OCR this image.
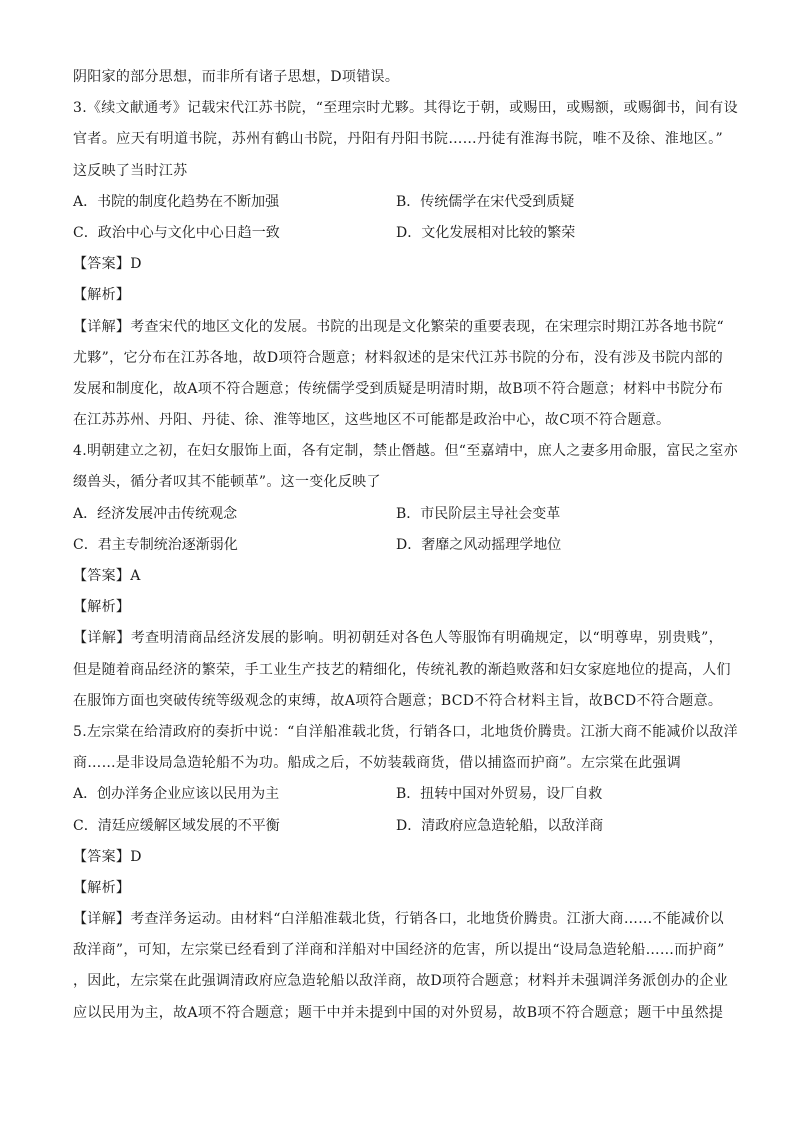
阴阳家的部分思想，而非所有诸子思想，D项错误。
3.《续文献通考》记载宋代江苏书院，“至理宗时尤夥。其得讫于朝，或赐田，或赐额，或赐御书，间有设
官者。应天有明道书院，苏州有鹤山书院，丹阳有丹阳书院……丹徒有淮海书院，唯不及徐、淮地区。”
这反映了当时江苏
A．书院的制度化趋势在不断加强	B．传统儒学在宋代受到质疑
C．政治中心与文化中心日趋一致	D．文化发展相对比较的繁荣
【答案】D
【解析】
【详解】考查宋代的地区文化的发展。书院的出现是文化繁荣的重要表现，在宋理宗时期江苏各地书院“
尤夥”，它分布在江苏各地，故D项符合题意；材料叙述的是宋代江苏书院的分布，没有涉及书院内部的
发展和制度化，故A项不符合题意；传统儒学受到质疑是明清时期，故B项不符合题意；材料中书院分布
在江苏苏州、丹阳、丹徒、徐、淮等地区，这些地区不可能都是政治中心，故C项不符合题意。
4.明朝建立之初，在妇女服饰上面，各有定制，禁止僭越。但“至嘉靖中，庶人之妻多用命服，富民之室亦
缀兽头，循分者叹其不能顿革”。这一变化反映了
A．经济发展冲击传统观念	B．市民阶层主导社会变革
C．君主专制统治逐渐弱化	D．奢靡之风动摇理学地位
【答案】A
【解析】
【详解】考查明清商品经济发展的影响。明初朝廷对各色人等服饰有明确规定，以“明尊卑，别贵贱”，
但是随着商品经济的繁荣，手工业生产技艺的精细化，传统礼教的渐趋败落和妇女家庭地位的提高，人们
在服饰方面也突破传统等级观念的束缚，故A项符合题意；BCD不符合材料主旨，故BCD不符合题意。
5.左宗棠在给清政府的奏折中说：“自洋船准载北货，行销各口，北地货价腾贵。江浙大商不能减价以敌洋
商……是非设局急造轮船不为功。船成之后，不妨装载商货，借以捕盗而护商”。左宗棠在此强调
A．创办洋务企业应该以民用为主	B．扭转中国对外贸易，设厂自救
C．清廷应缓解区域发展的不平衡	D．清政府应急造轮船，以敌洋商
【答案】D
【解析】
【详解】考查洋务运动。由材料“白洋船准载北货，行销各口，北地货价腾贵。江浙大商……不能减价以
敌洋商”，可知，左宗棠已经看到了洋商和洋船对中国经济的危害，所以提出“设局急造轮船……而护商”
，因此，左宗棠在此强调清政府应急造轮船以敌洋商，故D项符合题意；材料并未强调洋务派创办的企业
应以民用为主，故A项不符合题意；题干中并未提到中国的对外贸易，故B项不符合题意；题干中虽然提
